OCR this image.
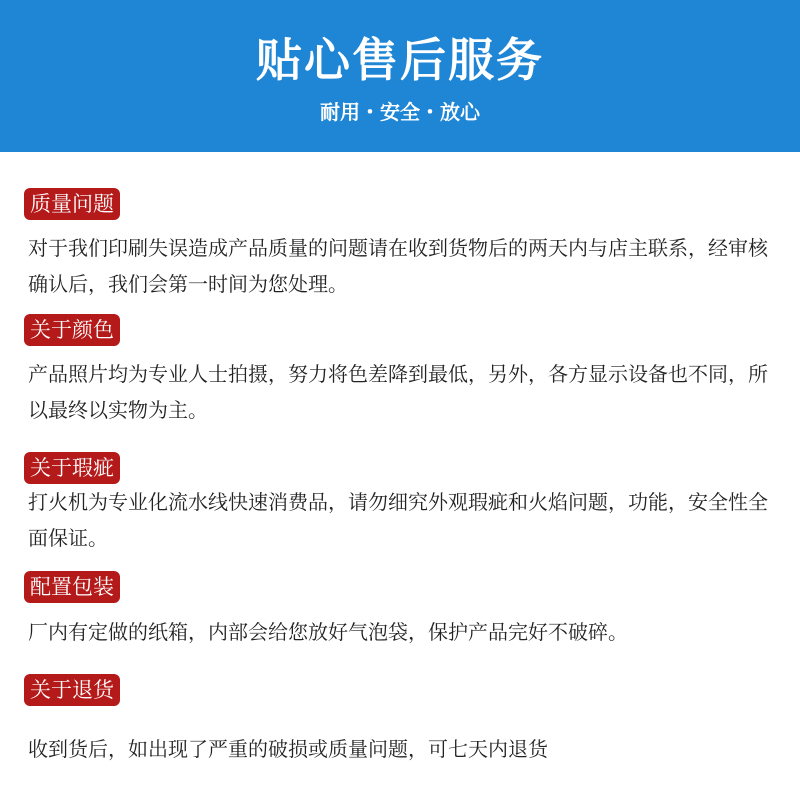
贴心售后服务
耐用・安全・放心
质量问题
对于我们印刷失误造成产品质量的问题请在收到货物后的两天内与店主联系，经审核确认后，我们会第一时间为您处理。
关于颜色
产品照片均为专业人士拍摄，努力将色差降到最低，另外，各方显示设备也不同，所以最终以实物为主。
关于瑕疵
打火机为专业化流水线快速消费品，请勿细究外观瑕疵和火焰问题，功能，安全性全面保证。
配置包装
厂内有定做的纸箱，内部会给您放好气泡袋，保护产品完好不破碎。
关于退货
收到货后，如出现了严重的破损或质量问题，可七天内退货
